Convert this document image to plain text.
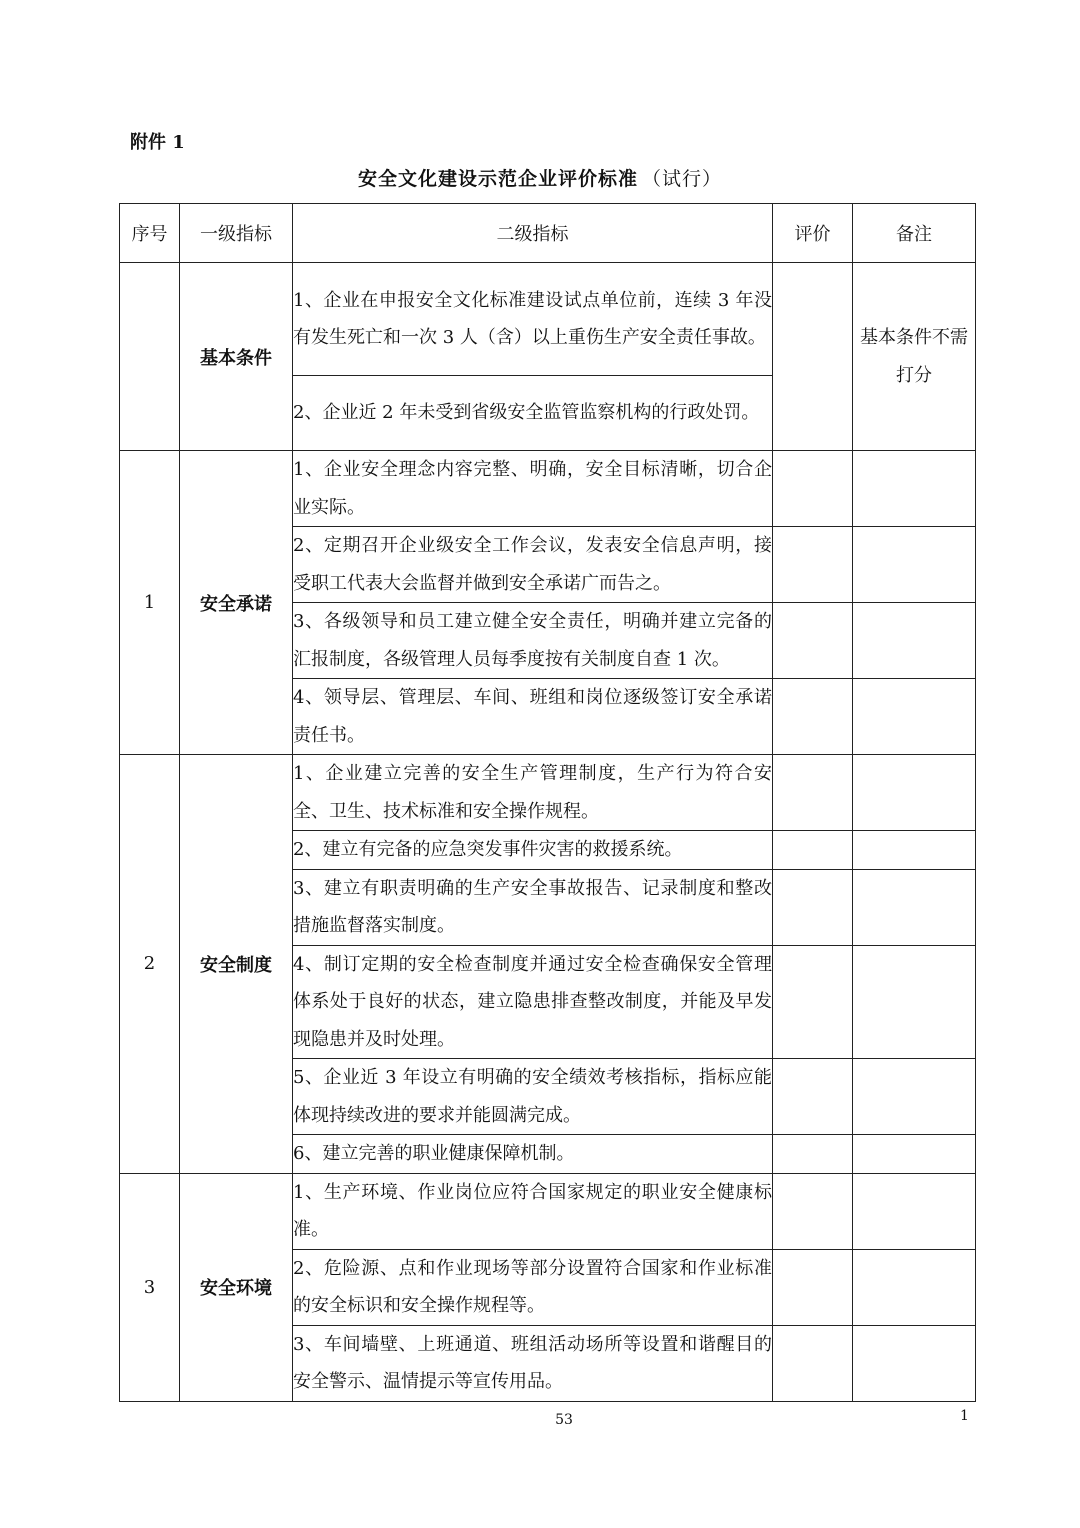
附件 1
安全文化建设示范企业评价标准 （试行）
序号	一级指标	二级指标	评价	备注
	基本条件	1、企业在申报安全文化标准建设试点单位前，连续 3 年没有发生死亡和一次 3 人（含）以上重伤生产安全责任事故。		基本条件不需打分
		2、企业近 2 年未受到省级安全监管监察机构的行政处罚。		
1	安全承诺	1、企业安全理念内容完整、明确，安全目标清晰，切合企业实际。		
		2、定期召开企业级安全工作会议，发表安全信息声明，接受职工代表大会监督并做到安全承诺广而告之。		
		3、各级领导和员工建立健全安全责任，明确并建立完备的汇报制度，各级管理人员每季度按有关制度自查 1 次。		
		4、领导层、管理层、车间、班组和岗位逐级签订安全承诺责任书。		
2	安全制度	1、企业建立完善的安全生产管理制度，生产行为符合安全、卫生、技术标准和安全操作规程。		
		2、建立有完备的应急突发事件灾害的救援系统。		
		3、建立有职责明确的生产安全事故报告、记录制度和整改措施监督落实制度。		
		4、制订定期的安全检查制度并通过安全检查确保安全管理体系处于良好的状态，建立隐患排查整改制度，并能及早发现隐患并及时处理。		
		5、企业近 3 年设立有明确的安全绩效考核指标，指标应能体现持续改进的要求并能圆满完成。		
		6、建立完善的职业健康保障机制。		
3	安全环境	1、生产环境、作业岗位应符合国家规定的职业安全健康标准。		
		2、危险源、点和作业现场等部分设置符合国家和作业标准的安全标识和安全操作规程等。		
		3、车间墙壁、上班通道、班组活动场所等设置和谐醒目的安全警示、温情提示等宣传用品。		
53	1
